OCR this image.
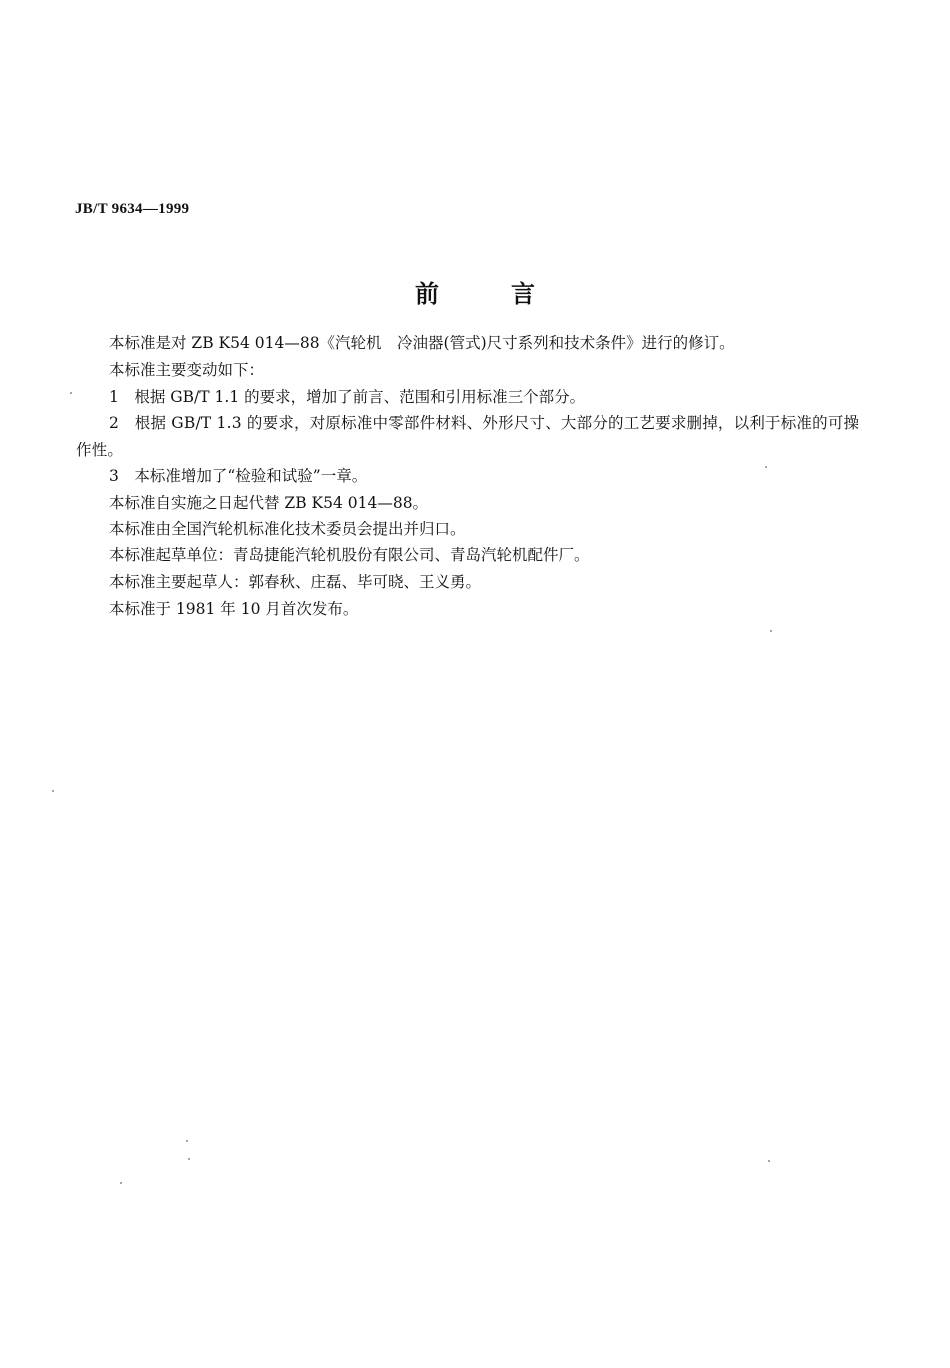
JB/T 9634—1999
前言
本标准是对 ZB K54 014—88《汽轮机　冷油器(管式)尺寸系列和技术条件》进行的修订。
本标准主要变动如下：
1　根据 GB/T 1.1 的要求，增加了前言、范围和引用标准三个部分。
2　根据 GB/T 1.3 的要求，对原标准中零部件材料、外形尺寸、大部分的工艺要求删掉，以利于标准的可操作性。
3　本标准增加了“检验和试验”一章。
本标准自实施之日起代替 ZB K54 014—88。
本标准由全国汽轮机标准化技术委员会提出并归口。
本标准起草单位：青岛捷能汽轮机股份有限公司、青岛汽轮机配件厂。
本标准主要起草人：郭春秋、庄磊、毕可晓、王义勇。
本标准于 1981 年 10 月首次发布。
